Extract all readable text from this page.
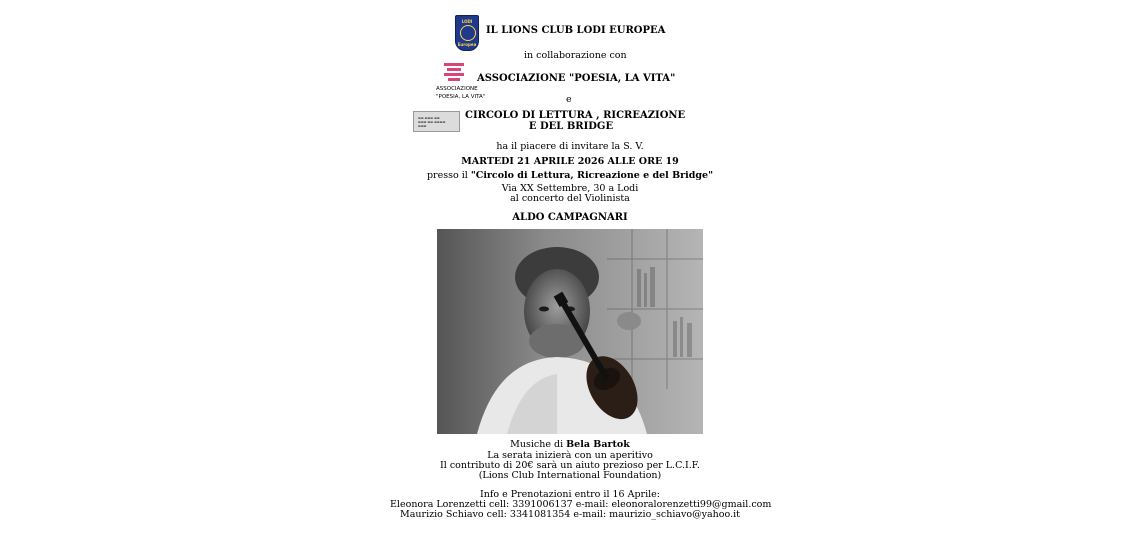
LODI
Europea
IL LIONS CLUB LODI EUROPEA
in collaborazione con
ASSOCIAZIONE
"POESIA, LA VITA"
ASSOCIAZIONE "POESIA, LA VITA"
e
▬▬ ▬▬▬ ▬▬
▬▬▬ ▬▬ ▬▬▬▬
▬▬▬
CIRCOLO DI LETTURA , RICREAZIONE
E DEL BRIDGE
ha il piacere di invitare la S. V.
MARTEDI 21 APRILE 2026 ALLE ORE 19
presso il "Circolo di Lettura, Ricreazione e del Bridge"
Via XX Settembre, 30 a Lodi
al concerto del Violinista
ALDO CAMPAGNARI
Musiche di Bela Bartok
La serata inizierà con un aperitivo
Il contributo di 20€ sarà un aiuto prezioso per L.C.I.F.
(Lions Club International Foundation)
Info e Prenotazioni entro il 16 Aprile:
Eleonora Lorenzetti cell: 3391006137 e-mail: eleonoralorenzetti99@gmail.com
Maurizio Schiavo cell: 3341081354 e-mail: maurizio_schiavo@yahoo.it
